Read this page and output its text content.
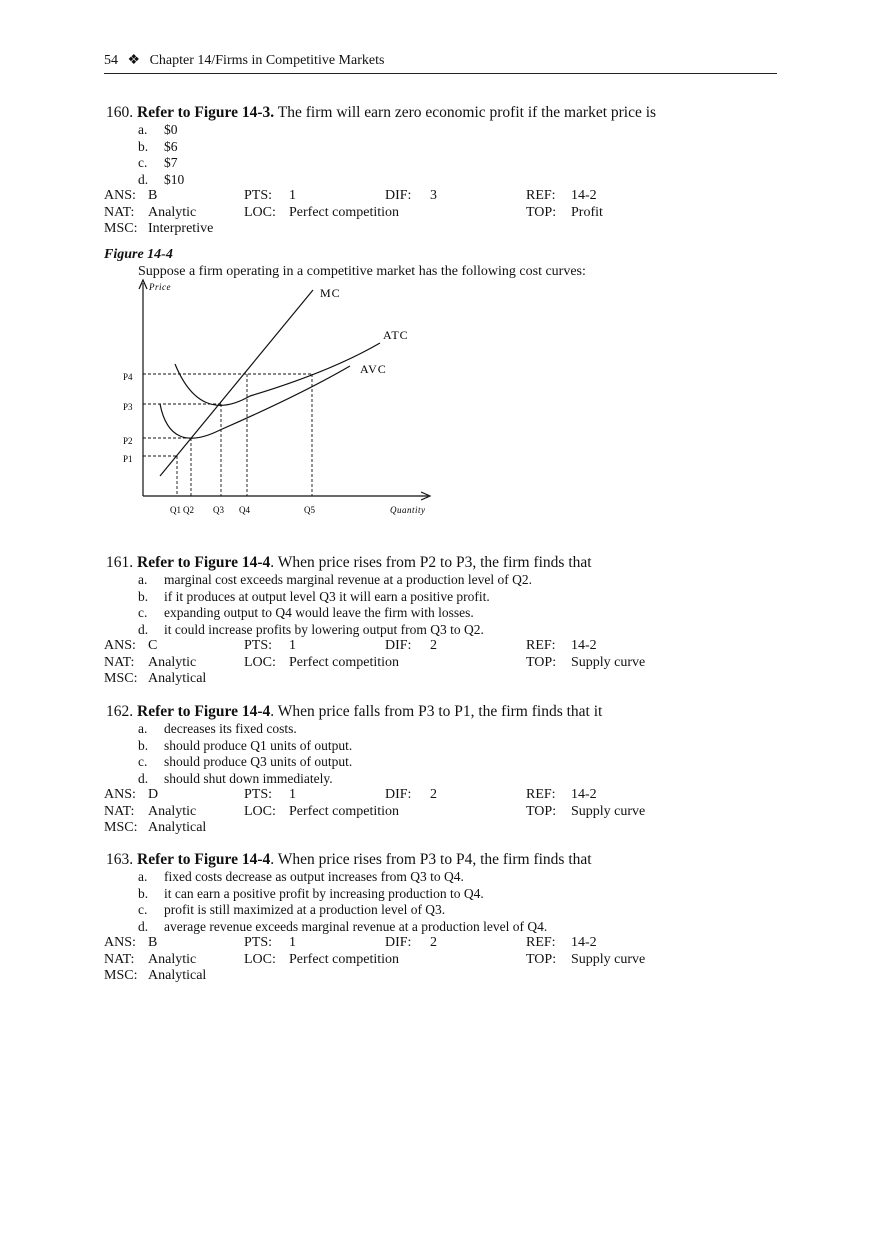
54 ❖ Chapter 14/Firms in Competitive Markets
160. Refer to Figure 14-3. The firm will earn zero economic profit if the market price is
a. $0
b. $6
c. $7
d. $10
ANS: B	PTS: 1	DIF: 3	REF: 14-2
NAT: Analytic	LOC: Perfect competition	TOP: Profit
MSC: Interpretive
Figure 14-4
Suppose a firm operating in a competitive market has the following cost curves:
Price
Quantity
MC
ATC
AVC
P4
P3
P2
P1
Q1 Q2 Q3 Q4	Q5
161. Refer to Figure 14-4. When price rises from P2 to P3, the firm finds that
a. marginal cost exceeds marginal revenue at a production level of Q2.
b. if it produces at output level Q3 it will earn a positive profit.
c. expanding output to Q4 would leave the firm with losses.
d. it could increase profits by lowering output from Q3 to Q2.
ANS: C	PTS: 1	DIF: 2	REF: 14-2
NAT: Analytic	LOC: Perfect competition	TOP: Supply curve
MSC: Analytical
162. Refer to Figure 14-4. When price falls from P3 to P1, the firm finds that it
a. decreases its fixed costs.
b. should produce Q1 units of output.
c. should produce Q3 units of output.
d. should shut down immediately.
ANS: D	PTS: 1	DIF: 2	REF: 14-2
NAT: Analytic	LOC: Perfect competition	TOP: Supply curve
MSC: Analytical
163. Refer to Figure 14-4. When price rises from P3 to P4, the firm finds that
a. fixed costs decrease as output increases from Q3 to Q4.
b. it can earn a positive profit by increasing production to Q4.
c. profit is still maximized at a production level of Q3.
d. average revenue exceeds marginal revenue at a production level of Q4.
ANS: B	PTS: 1	DIF: 2	REF: 14-2
NAT: Analytic	LOC: Perfect competition	TOP: Supply curve
MSC: Analytical
